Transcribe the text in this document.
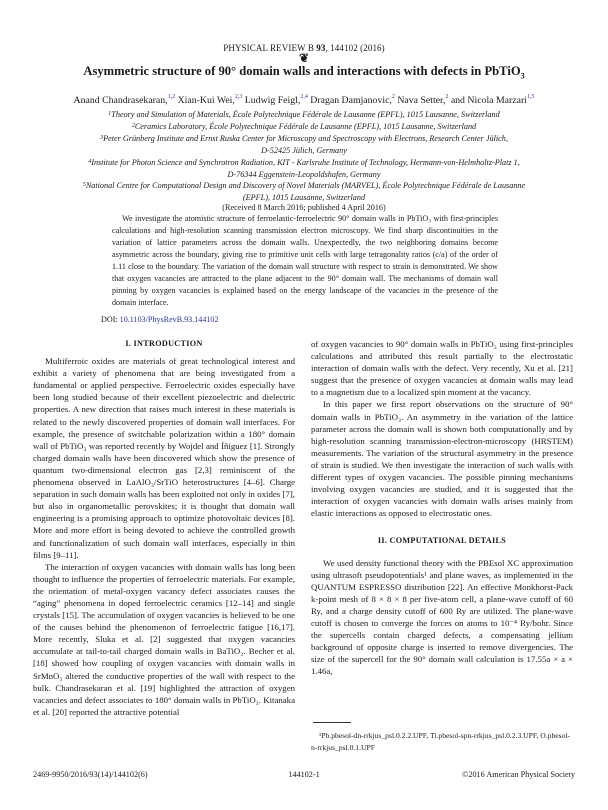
PHYSICAL REVIEW B 93, 144102 (2016)
❦
Asymmetric structure of 90° domain walls and interactions with defects in PbTiO$_3$
Anand Chandrasekaran,$^{1,2}$ Xian-Kui Wei,$^{2,3}$ Ludwig Feigl,$^{2,4}$ Dragan Damjanovic,$^2$ Nava Setter,$^2$ and Nicola Marzari$^{1,5}$
$^1$Theory and Simulation of Materials, École Polytechnique Fédérale de Lausanne (EPFL), 1015 Lausanne, Switzerland
$^2$Ceramics Laboratory, École Polytechnique Fédérale de Lausanne (EPFL), 1015 Lausanne, Switzerland
$^3$Peter Grünberg Institute and Ernst Ruska Center for Microscopy and Spectroscopy with Electrons, Research Center Jülich,
D-52425 Jülich, Germany
$^4$Institute for Photon Science and Synchrotron Radiation, KIT - Karlsruhe Institute of Technology, Hermann-von-Helmholtz-Platz 1,
D-76344 Eggenstein-Leopoldshafen, Germany
$^5$National Centre for Computational Design and Discovery of Novel Materials (MARVEL), École Polytechnique Fédérale de Lausanne
(EPFL), 1015 Lausanne, Switzerland
(Received 8 March 2016; published 4 April 2016)
We investigate the atomistic structure of ferroelastic-ferroelectric 90° domain walls in PbTiO₃ with first-principles calculations and high-resolution scanning transmission electron microscopy. We find sharp discontinuities in the variation of lattice parameters across the domain walls. Unexpectedly, the two neighboring domains become asymmetric across the boundary, giving rise to primitive unit cells with large tetragonality ratios (c/a) of the order of 1.11 close to the boundary. The variation of the domain wall structure with respect to strain is demonstrated. We show that oxygen vacancies are attracted to the plane adjacent to the 90° domain wall. The mechanisms of domain wall pinning by oxygen vacancies is explained based on the energy landscape of the vacancies in the presence of the domain interface.
DOI: 10.1103/PhysRevB.93.144102
I. INTRODUCTION

Multiferroic oxides are materials of great technological interest and exhibit a variety of phenomena that are being investigated from a fundamental or applied perspective. Ferroelectric oxides especially have been long studied because of their excellent piezoelectric and dielectric properties. A new direction that raises much interest in these materials is related to the newly discovered properties of domain wall interfaces. For example, the presence of switchable polarization within a 180° domain wall of PbTiO₃ was reported recently by Wojdel and Íñiguez [1]. Strongly charged domain walls have been discovered which show the presence of quantum two-dimensional electron gas [2,3] reminiscent of the phenomena observed in LaAlO₃/SrTiO heterostructures [4–6]. Charge separation in such domain walls has been exploited not only in oxides [7], but also in organometallic perovskites; it is thought that domain wall engineering is a promising approach to optimize photovoltaic devices [8]. More and more effort is being devoted to achieve the controlled growth and functionalization of such domain wall interfaces, especially in thin films [9–11].

The interaction of oxygen vacancies with domain walls has long been thought to influence the properties of ferroelectric materials. For example, the orientation of metal-oxygen vacancy defect associates causes the “aging” phenomena in doped ferroelectric ceramics [12–14] and single crystals [15]. The accumulation of oxygen vacancies is believed to be one of the causes behind the phenomenon of ferroelectric fatigue [16,17]. More recently, Sluka et al. [2] suggested that oxygen vacancies accumulate at tail-to-tail charged domain walls in BaTiO₃. Becher et al. [18] showed how coupling of oxygen vacancies with domain walls in SrMnO₃ altered the conductive properties of the wall with respect to the bulk. Chandrasekaran et al. [19] highlighted the attraction of oxygen vacancies and defect associates to 180° domain walls in PbTiO₃. Kitanaka et al. [20] reported the attractive potential

of oxygen vacancies to 90° domain walls in PbTiO₃ using first-principles calculations and attributed this result partially to the electrostatic interaction of domain walls with the defect. Very recently, Xu et al. [21] suggest that the presence of oxygen vacancies at domain walls may lead to a magnetism due to a localized spin moment at the vacancy.

In this paper we first report observations on the structure of 90° domain walls in PbTiO₃. An asymmetry in the variation of the lattice parameter across the domain wall is shown both computationally and by high-resolution scanning transmission-electron-microscopy (HRSTEM) measurements. The variation of the structural asymmetry in the presence of strain is studied. We then investigate the interaction of such walls with different types of oxygen vacancies. The possible pinning mechanisms involving oxygen vacancies are studied, and it is suggested that the interaction of oxygen vacancies with domain walls arises mainly from elastic interactions as opposed to electrostatic ones.

II. COMPUTATIONAL DETAILS

We used density functional theory with the PBEsol XC approximation using ultrasoft pseudopotentials¹ and plane waves, as implemented in the QUANTUM ESPRESSO distribution [22]. An effective Monkhorst-Pack k-point mesh of 8 × 8 × 8 per five-atom cell, a plane-wave cutoff of 60 Ry, and a charge density cutoff of 600 Ry are utilized. The plane-wave cutoff is chosen to converge the forces on atoms to 10⁻⁴ Ry/bohr. Since the supercells contain charged defects, a compensating jellium background of opposite charge is inserted to remove divergencies. The size of the supercell for the 90° domain wall calculation is 17.55a × a × 1.46a,

¹Pb.pbesol-dn-rrkjus_psl.0.2.2.UPF, Ti.pbesol-spn-rrkjus_psl.0.2.3.UPF, O.pbesol-n-rrkjus_psl.0.1.UPF
2469-9950/2016/93(14)/144102(6)	144102-1	©2016 American Physical Society
